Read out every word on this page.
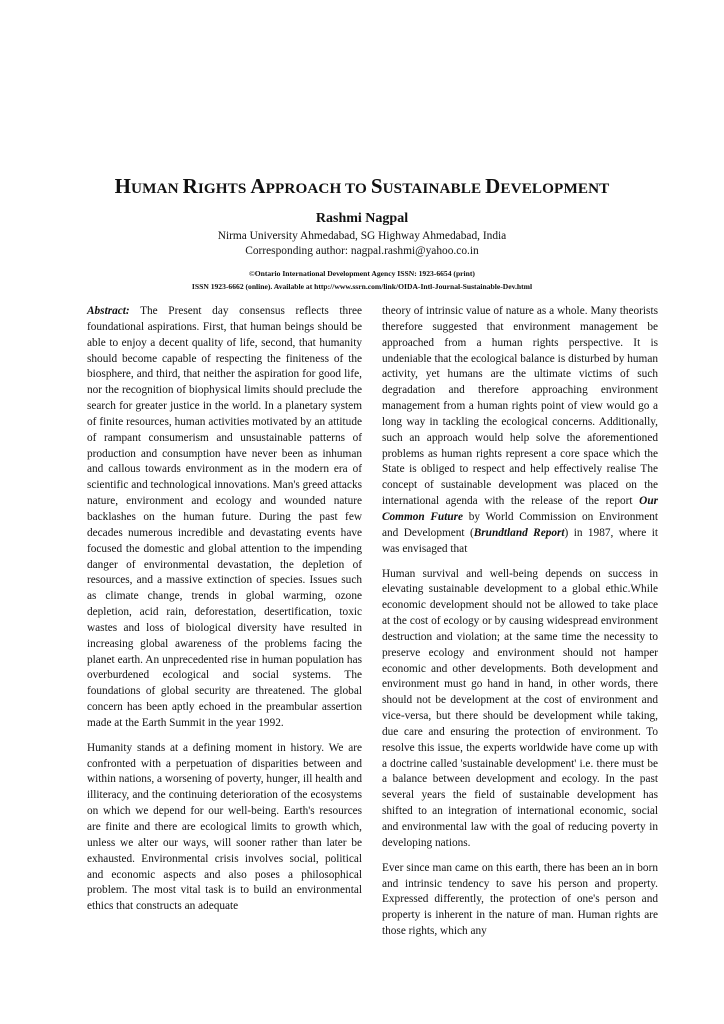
HUMAN RIGHTS APPROACH TO SUSTAINABLE DEVELOPMENT

Rashmi Nagpal

Nirma University Ahmedabad, SG Highway Ahmedabad, India
Corresponding author: nagpal.rashmi@yahoo.co.in
©Ontario International Development Agency ISSN: 1923-6654 (print)
ISSN 1923-6662 (online). Available at http://www.ssrn.com/link/OIDA-Intl-Journal-Sustainable-Dev.html

Abstract: The Present day consensus reflects three foundational aspirations. First, that human beings should be able to enjoy a decent quality of life, second, that humanity should become capable of respecting the finiteness of the biosphere, and third, that neither the aspiration for good life, nor the recognition of biophysical limits should preclude the search for greater justice in the world. In a planetary system of finite resources, human activities motivated by an attitude of rampant consumerism and unsustainable patterns of production and consumption have never been as inhuman and callous towards environment as in the modern era of scientific and technological innovations. Man's greed attacks nature, environment and ecology and wounded nature backlashes on the human future. During the past few decades numerous incredible and devastating events have focused the domestic and global attention to the impending danger of environmental devastation, the depletion of resources, and a massive extinction of species. Issues such as climate change, trends in global warming, ozone depletion, acid rain, deforestation, desertification, toxic wastes and loss of biological diversity have resulted in increasing global awareness of the problems facing the planet earth. An unprecedented rise in human population has overburdened ecological and social systems. The foundations of global security are threatened. The global concern has been aptly echoed in the preambular assertion made at the Earth Summit in the year 1992.

Humanity stands at a defining moment in history. We are confronted with a perpetuation of disparities between and within nations, a worsening of poverty, hunger, ill health and illiteracy, and the continuing deterioration of the ecosystems on which we depend for our well-being. Earth's resources are finite and there are ecological limits to growth which, unless we alter our ways, will sooner rather than later be exhausted. Environmental crisis involves social, political and economic aspects and also poses a philosophical problem. The most vital task is to build an environmental ethics that constructs an adequate

theory of intrinsic value of nature as a whole. Many theorists therefore suggested that environment management be approached from a human rights perspective. It is undeniable that the ecological balance is disturbed by human activity, yet humans are the ultimate victims of such degradation and therefore approaching environment management from a human rights point of view would go a long way in tackling the ecological concerns. Additionally, such an approach would help solve the aforementioned problems as human rights represent a core space which the State is obliged to respect and help effectively realise The concept of sustainable development was placed on the international agenda with the release of the report Our Common Future by World Commission on Environment and Development (Brundtland Report) in 1987, where it was envisaged that

Human survival and well-being depends on success in elevating sustainable development to a global ethic.While economic development should not be allowed to take place at the cost of ecology or by causing widespread environment destruction and violation; at the same time the necessity to preserve ecology and environment should not hamper economic and other developments. Both development and environment must go hand in hand, in other words, there should not be development at the cost of environment and vice-versa, but there should be development while taking, due care and ensuring the protection of environment. To resolve this issue, the experts worldwide have come up with a doctrine called 'sustainable development' i.e. there must be a balance between development and ecology. In the past several years the field of sustainable development has shifted to an integration of international economic, social and environmental law with the goal of reducing poverty in developing nations.

Ever since man came on this earth, there has been an in born and intrinsic tendency to save his person and property. Expressed differently, the protection of one's person and property is inherent in the nature of man. Human rights are those rights, which any
